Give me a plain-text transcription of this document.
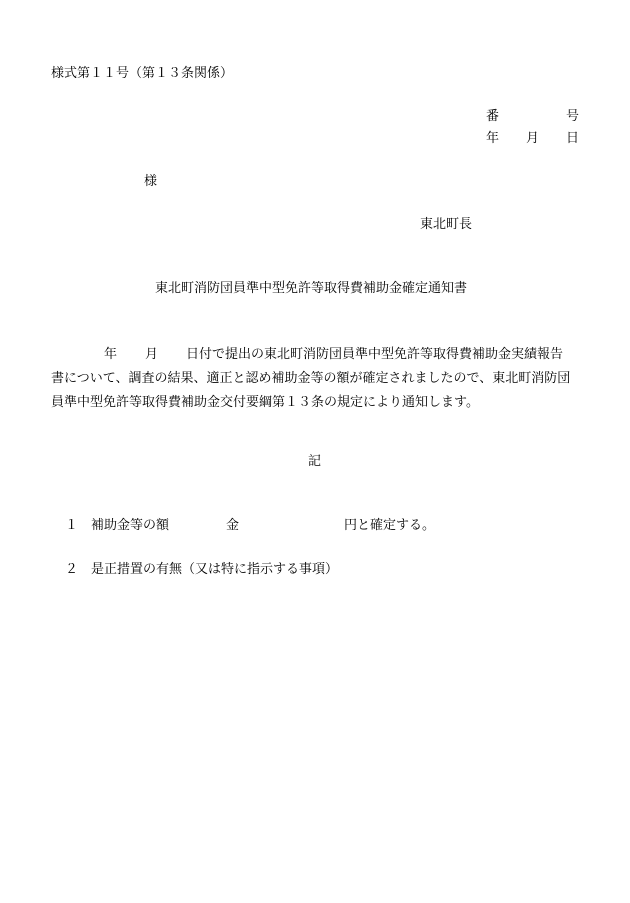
様式第１１号（第１３条関係）
番	号
年 月 日
様
東北町長
東北町消防団員準中型免許等取得費補助金確定通知書
年 月 日付で提出の東北町消防団員準中型免許等取得費補助金実績報告
書について、調査の結果、適正と認め補助金等の額が確定されましたので、東北町消防団
員準中型免許等取得費補助金交付要綱第１３条の規定により通知します。
記
１ 補助金等の額	金	円と確定する。
２ 是正措置の有無（又は特に指示する事項）
